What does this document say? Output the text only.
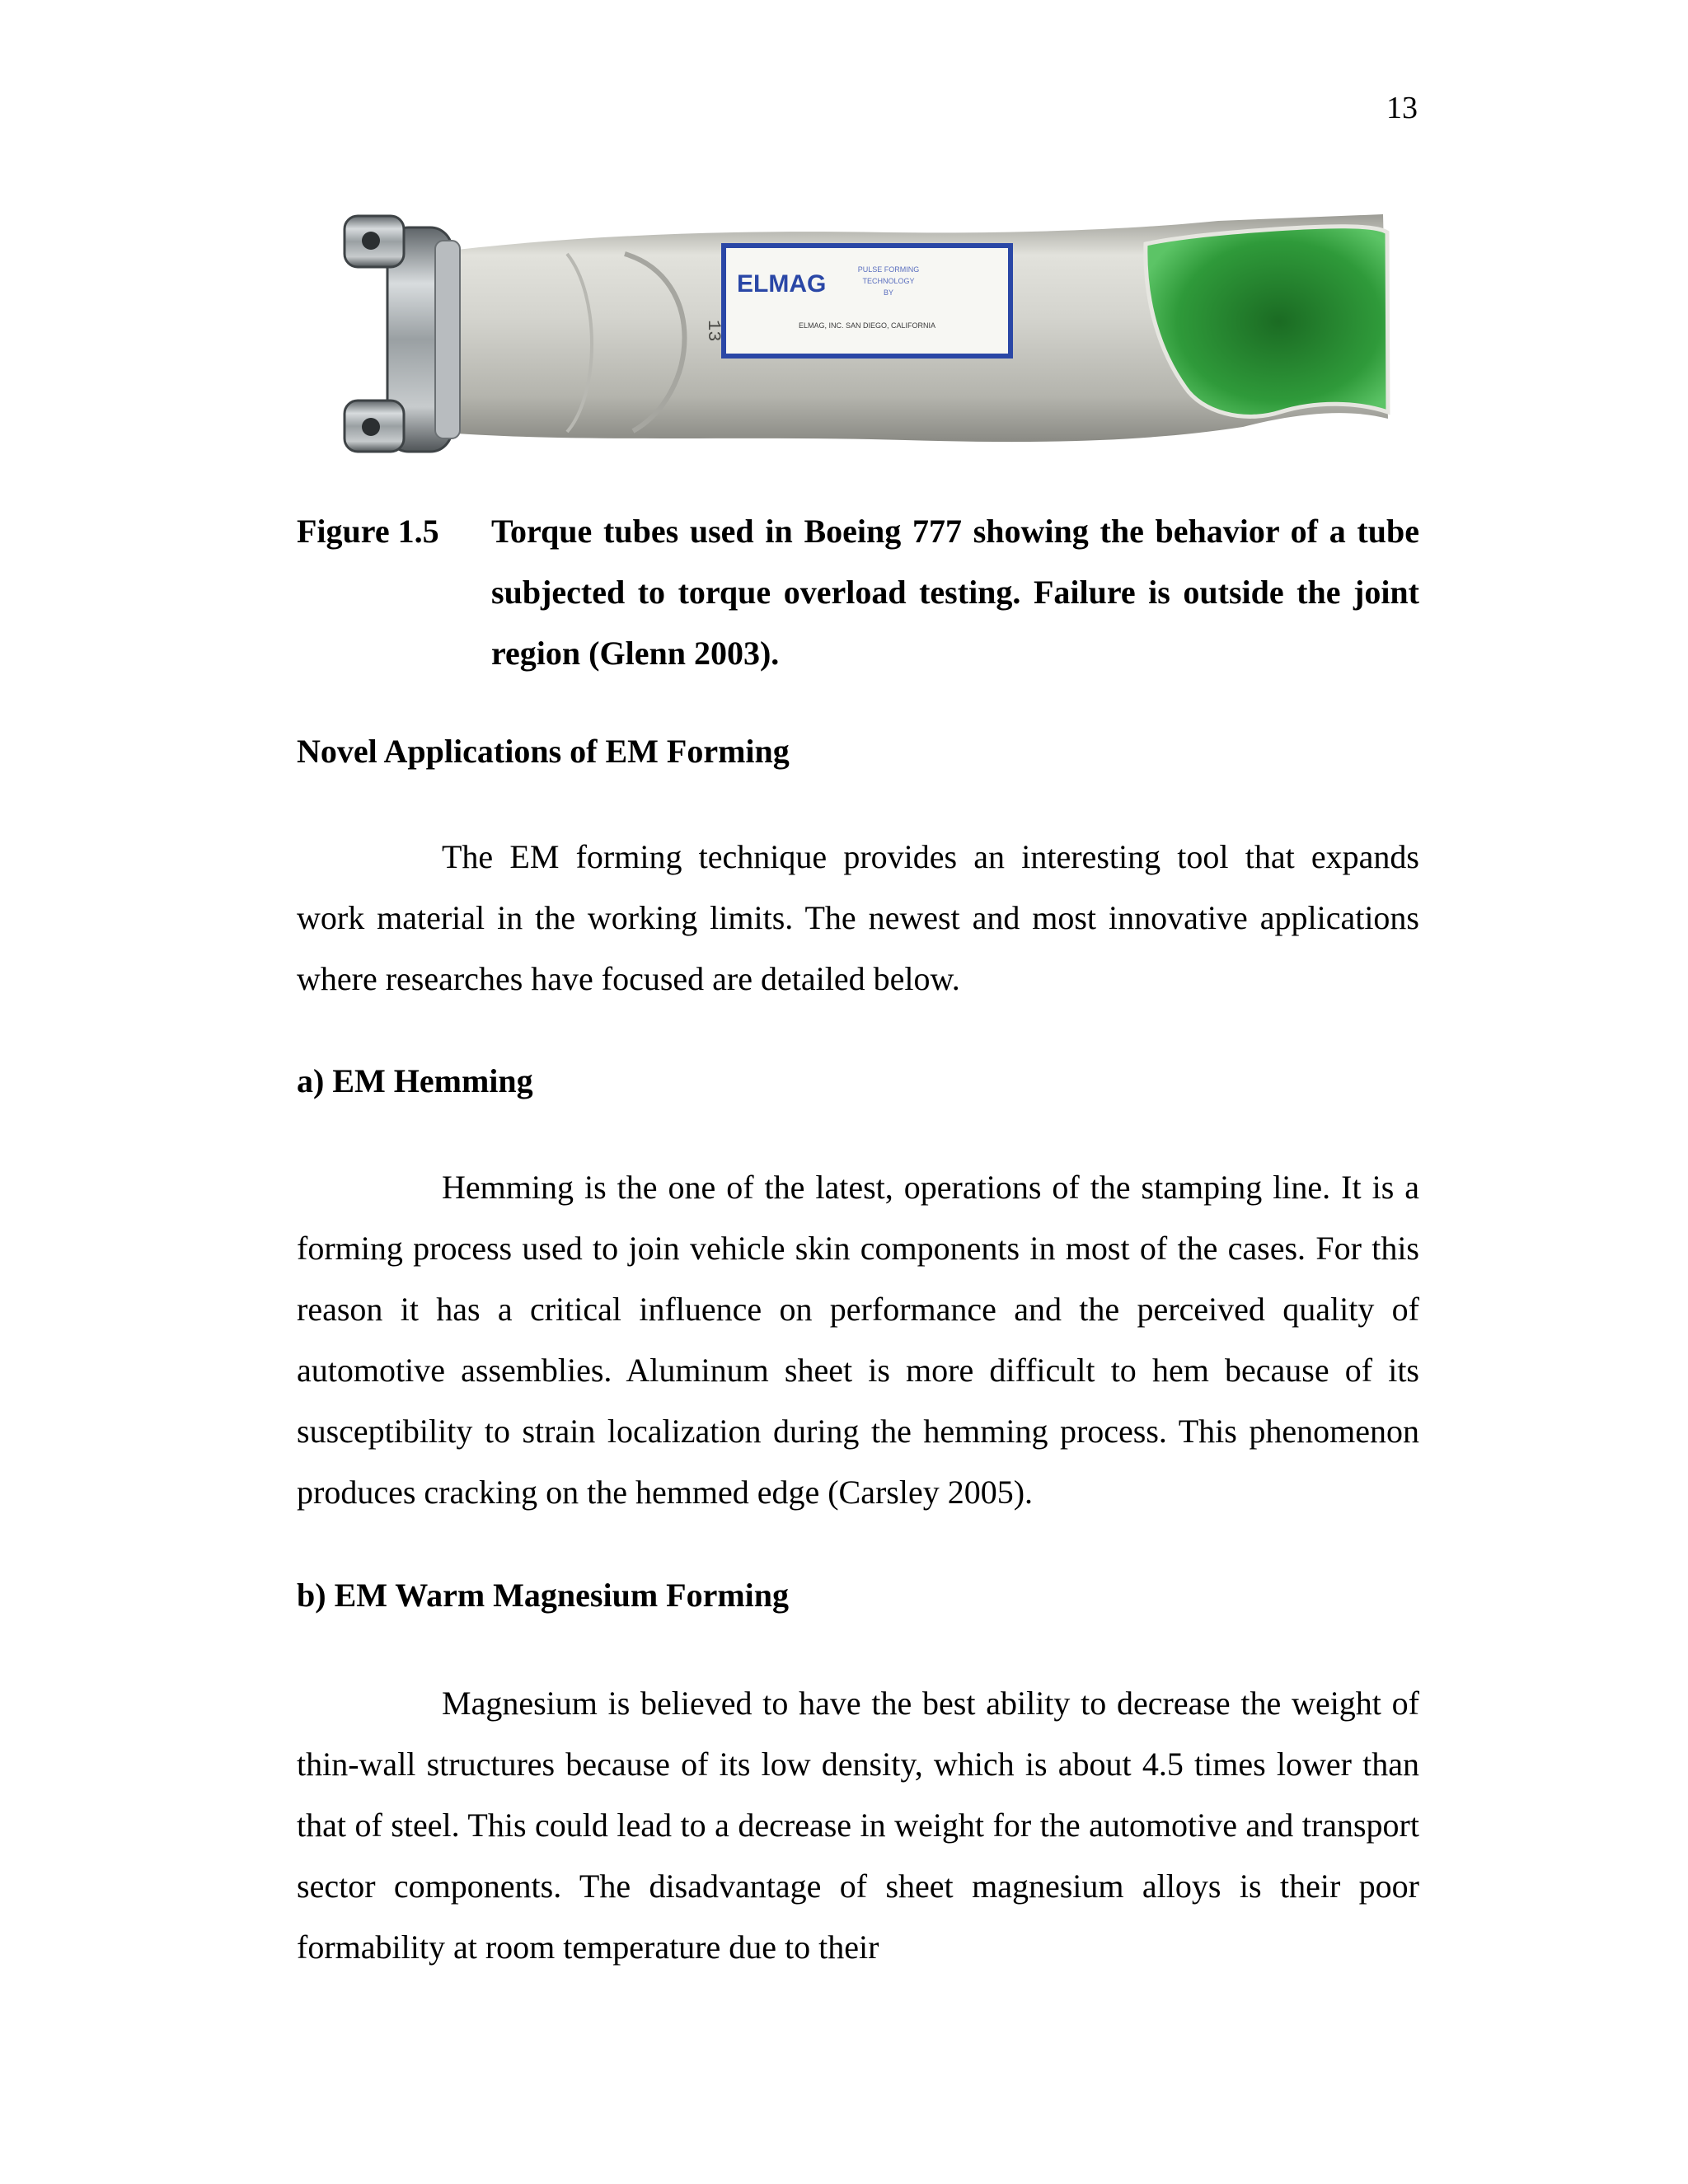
13
13
ELMAG
PULSE FORMING
TECHNOLOGY
BY
ELMAG, INC. SAN DIEGO, CALIFORNIA
Figure 1.5 Torque tubes used in Boeing 777 showing the behavior of a tube subjected to torque overload testing. Failure is outside the joint region (Glenn 2003).
Novel Applications of EM Forming

The EM forming technique provides an interesting tool that expands work material in the working limits. The newest and most innovative applications where researches have focused are detailed below.

a) EM Hemming

Hemming is the one of the latest, operations of the stamping line. It is a forming process used to join vehicle skin components in most of the cases. For this reason it has a critical influence on performance and the perceived quality of automotive assemblies. Aluminum sheet is more difficult to hem because of its susceptibility to strain localization during the hemming process. This phenomenon produces cracking on the hemmed edge (Carsley 2005).

b) EM Warm Magnesium Forming

Magnesium is believed to have the best ability to decrease the weight of thin-wall structures because of its low density, which is about 4.5 times lower than that of steel. This could lead to a decrease in weight for the automotive and transport sector components. The disadvantage of sheet magnesium alloys is their poor formability at room temperature due to their
